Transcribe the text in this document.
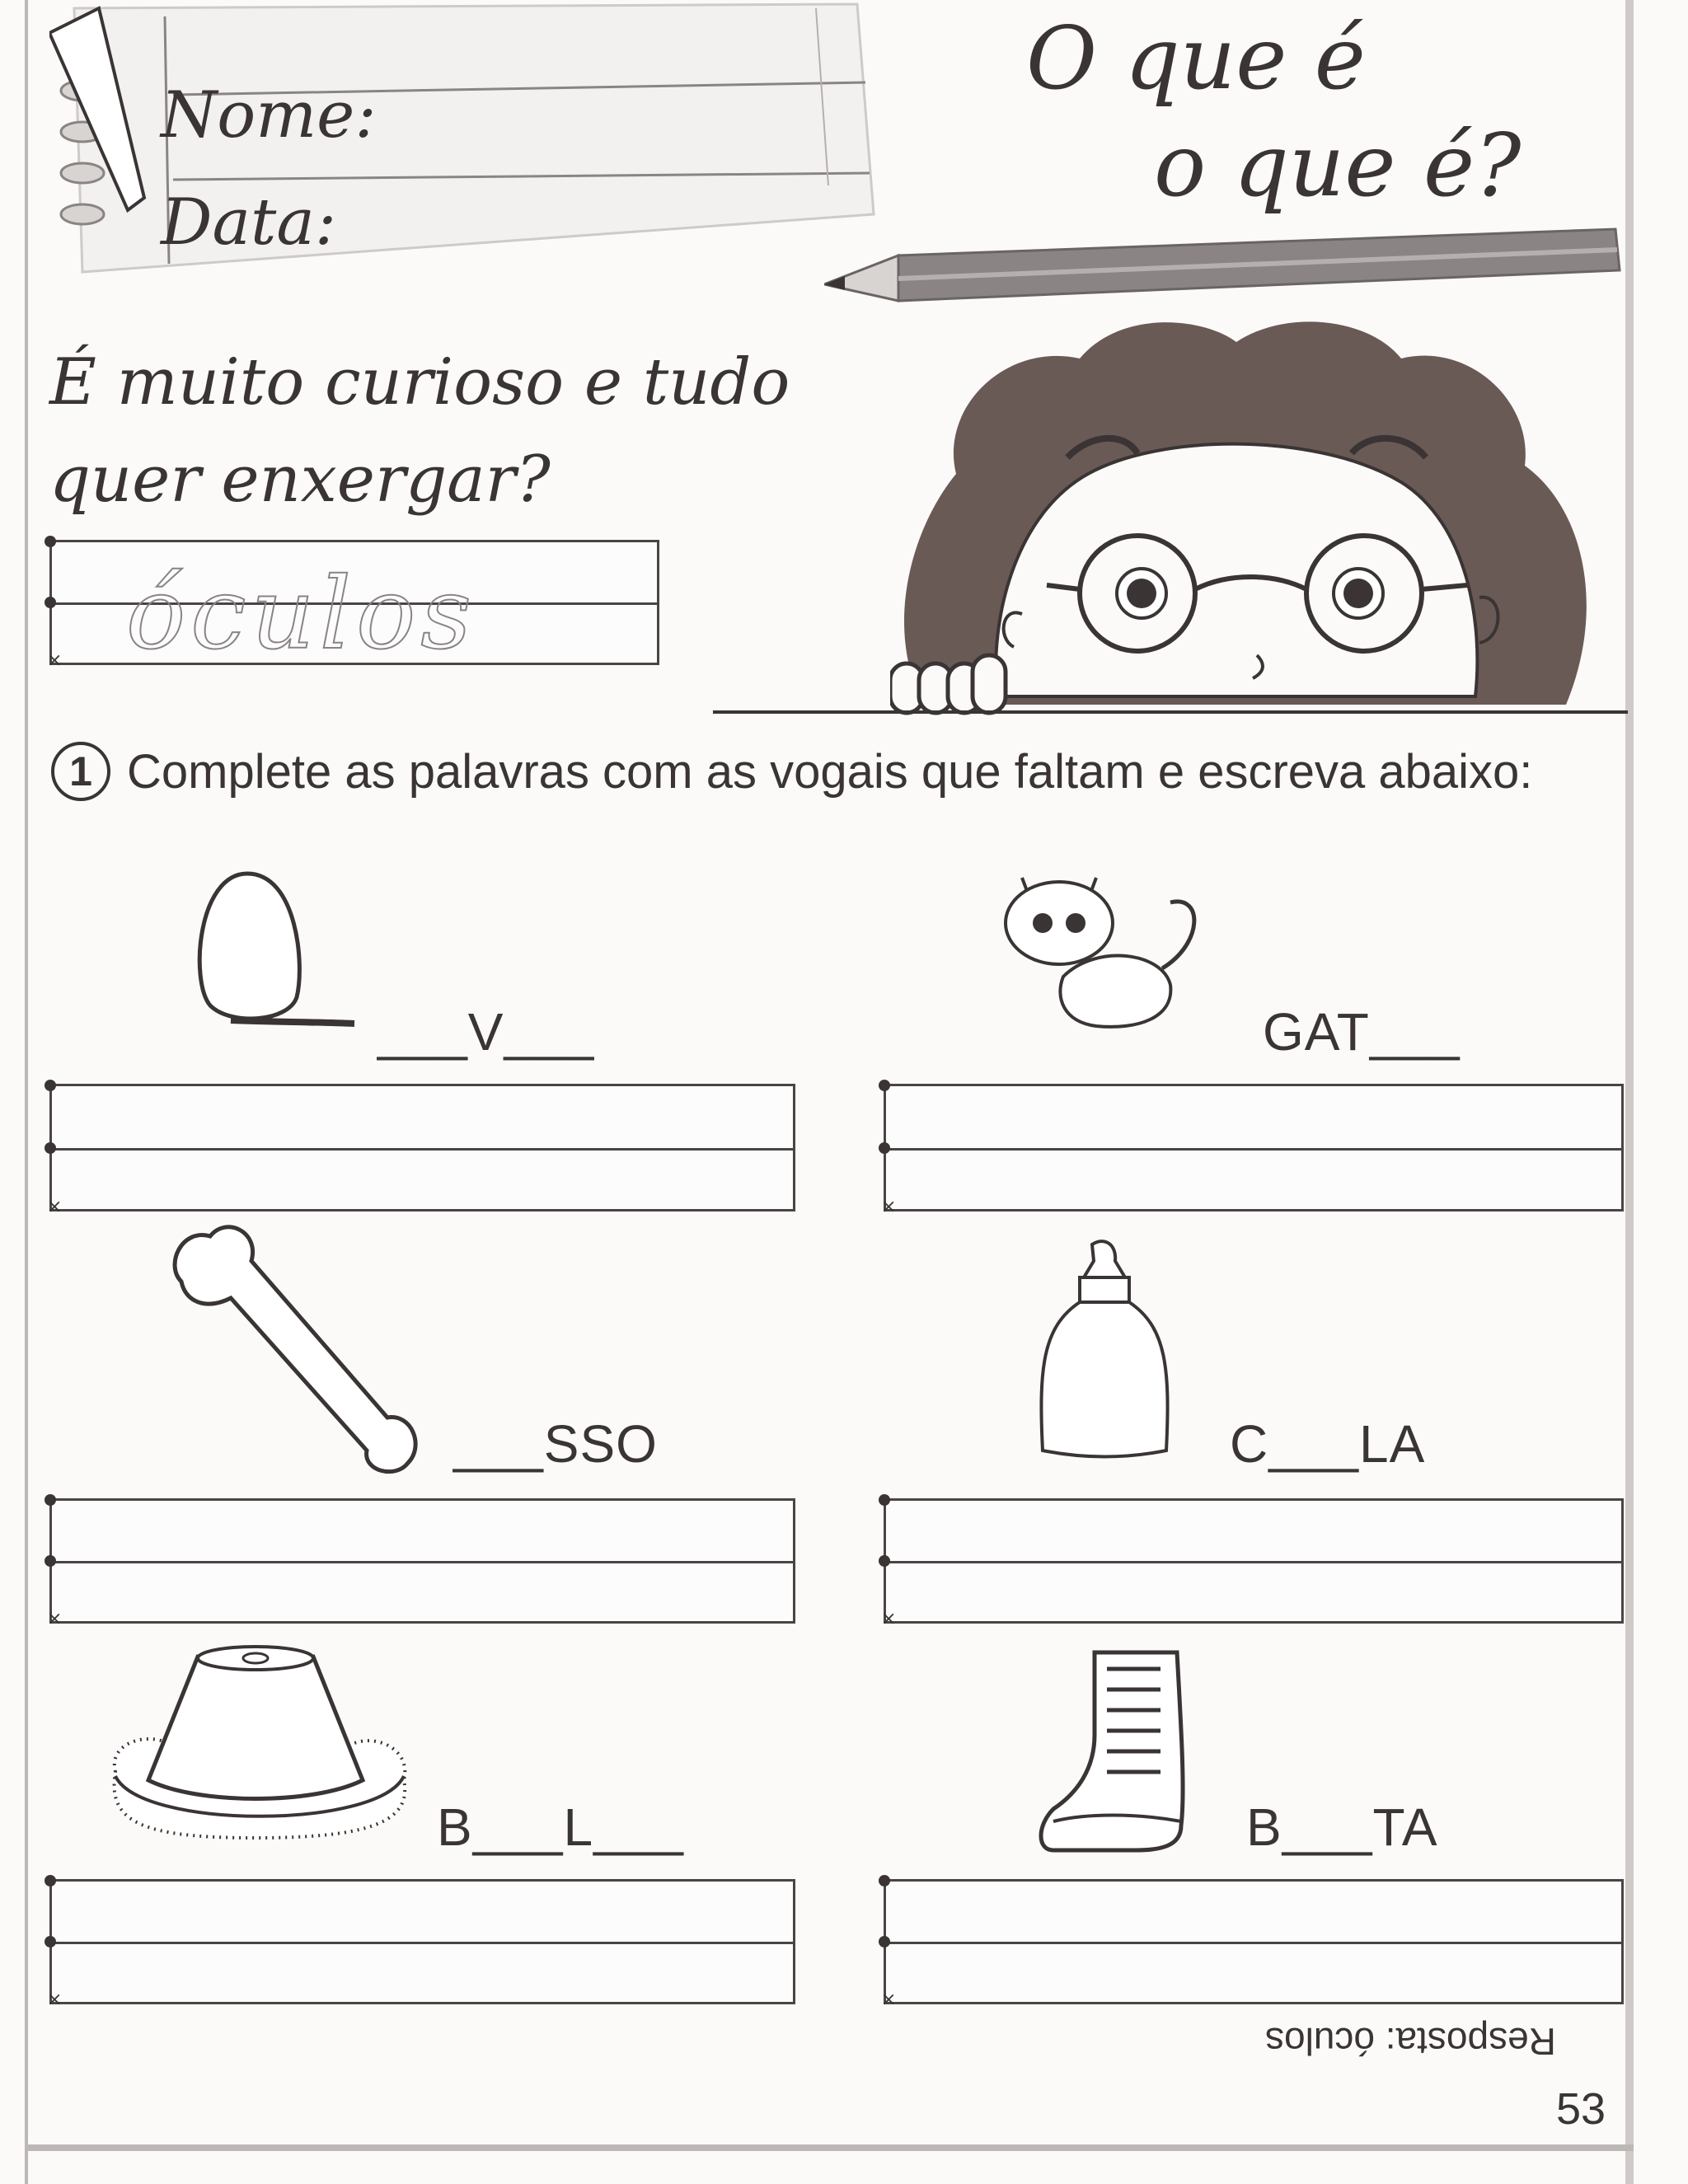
Nome:
Data:
O que é
o que é?
É muito curioso e tudo quer enxergar?
× óculos
1 Complete as palavras com as vogais que faltam e escreva abaixo:
___V___
×
GAT___
×
___SSO
×
C___LA
×
B___L___
×
B___TA
×
Resposta: óculos
53
